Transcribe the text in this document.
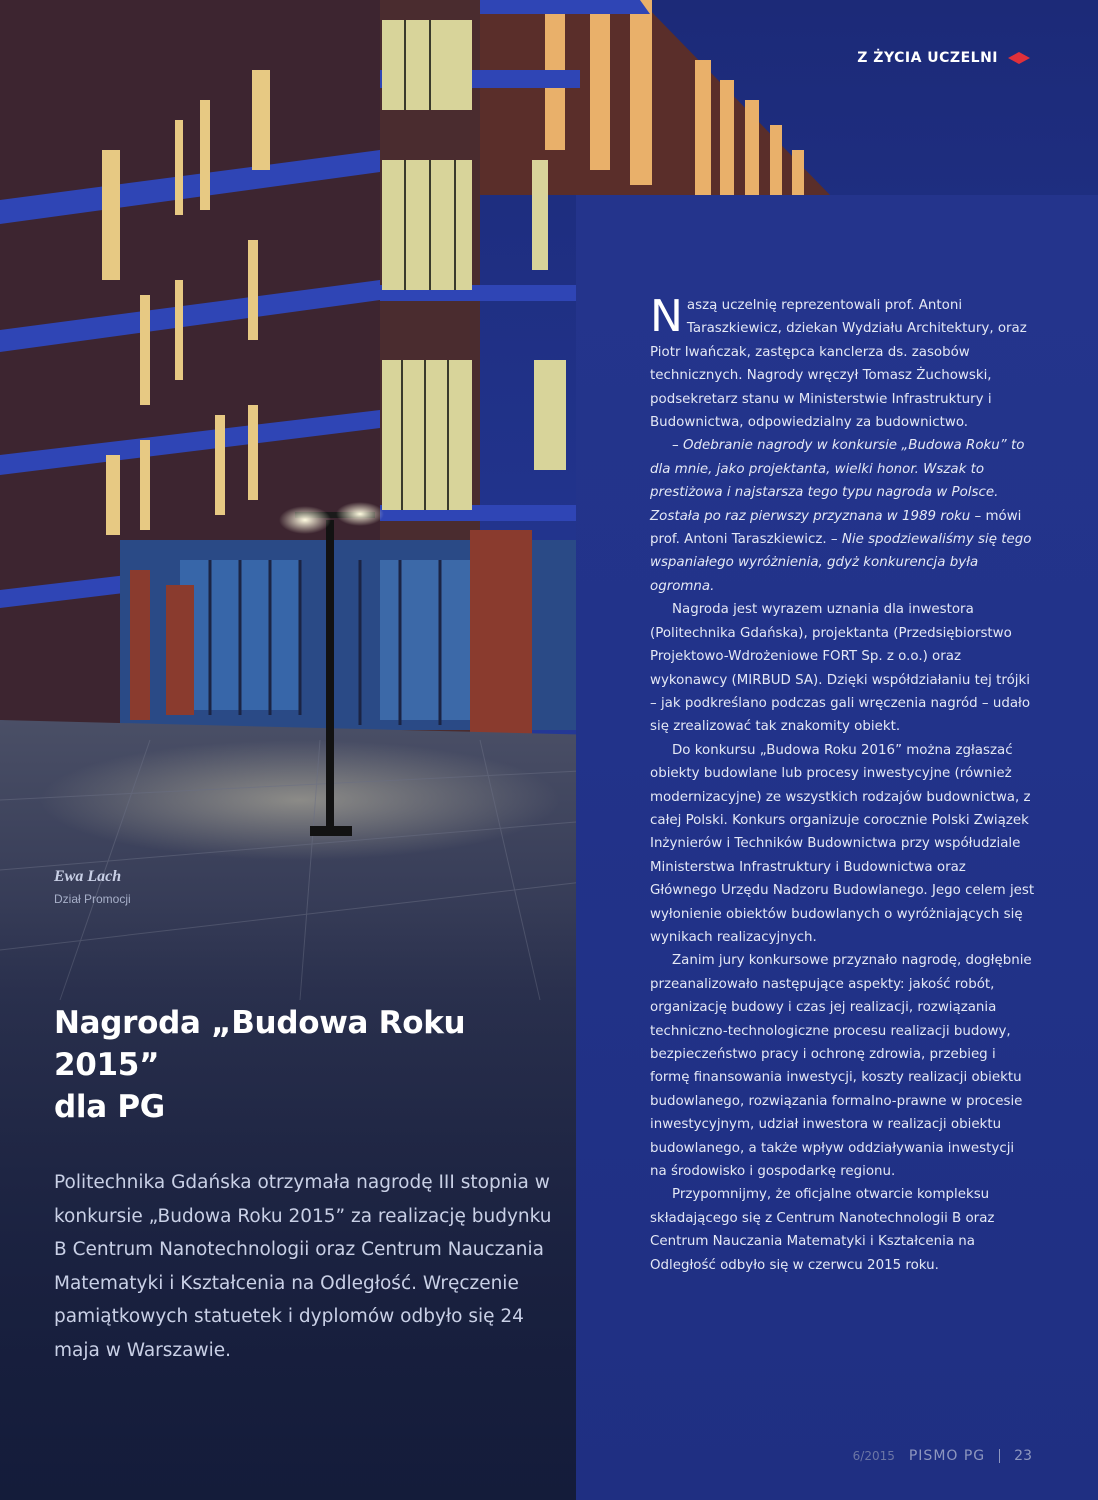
Z ŻYCIA UCZELNI
Ewa Lach
Dział Promocji
Nagroda „Budowa Roku 2015”
dla PG
Politechnika Gdańska otrzymała nagrodę III stopnia w konkursie „Budowa Roku 2015” za realizację budynku B Centrum Nanotechnologii oraz Centrum Nauczania Matematyki i Kształcenia na Odległość. Wręczenie pamiątkowych statuetek i dyplomów odbyło się 24 maja w Warszawie.

Naszą uczelnię reprezentowali prof. Antoni Taraszkiewicz, dziekan Wydziału Architektury, oraz Piotr Iwańczak, zastępca kanclerza ds. zasobów technicznych. Nagrody wręczył Tomasz Żuchowski, podsekretarz stanu w Ministerstwie Infrastruktury i Budownictwa, odpowiedzialny za budownictwo.

– Odebranie nagrody w konkursie „Budowa Roku” to dla mnie, jako projektanta, wielki honor. Wszak to prestiżowa i najstarsza tego typu nagroda w Polsce. Została po raz pierwszy przyznana w 1989 roku – mówi prof. Antoni Taraszkiewicz. – Nie spodziewaliśmy się tego wspaniałego wyróżnienia, gdyż konkurencja była ogromna.

Nagroda jest wyrazem uznania dla inwestora (Politechnika Gdańska), projektanta (Przedsiębiorstwo Projektowo-Wdrożeniowe FORT Sp. z o.o.) oraz wykonawcy (MIRBUD SA). Dzięki współdziałaniu tej trójki – jak podkreślano podczas gali wręczenia nagród – udało się zrealizować tak znakomity obiekt.

Do konkursu „Budowa Roku 2016” można zgłaszać obiekty budowlane lub procesy inwestycyjne (również modernizacyjne) ze wszystkich rodzajów budownictwa, z całej Polski. Konkurs organizuje corocznie Polski Związek Inżynierów i Techników Budownictwa przy współudziale Ministerstwa Infrastruktury i Budownictwa oraz Głównego Urzędu Nadzoru Budowlanego. Jego celem jest wyłonienie obiektów budowlanych o wyróżniających się wynikach realizacyjnych.

Zanim jury konkursowe przyznało nagrodę, dogłębnie przeanalizowało następujące aspekty: jakość robót, organizację budowy i czas jej realizacji, rozwiązania techniczno-technologiczne procesu realizacji budowy, bezpieczeństwo pracy i ochronę zdrowia, przebieg i formę finansowania inwestycji, koszty realizacji obiektu budowlanego, rozwiązania formalno-prawne w procesie inwestycyjnym, udział inwestora w realizacji obiektu budowlanego, a także wpływ oddziaływania inwestycji na środowisko i gospodarkę regionu.

Przypomnijmy, że oficjalne otwarcie kompleksu składającego się z Centrum Nanotechnologii B oraz Centrum Nauczania Matematyki i Kształcenia na Odległość odbyło się w czerwcu 2015 roku.

6/2015 PISMO PG 23
